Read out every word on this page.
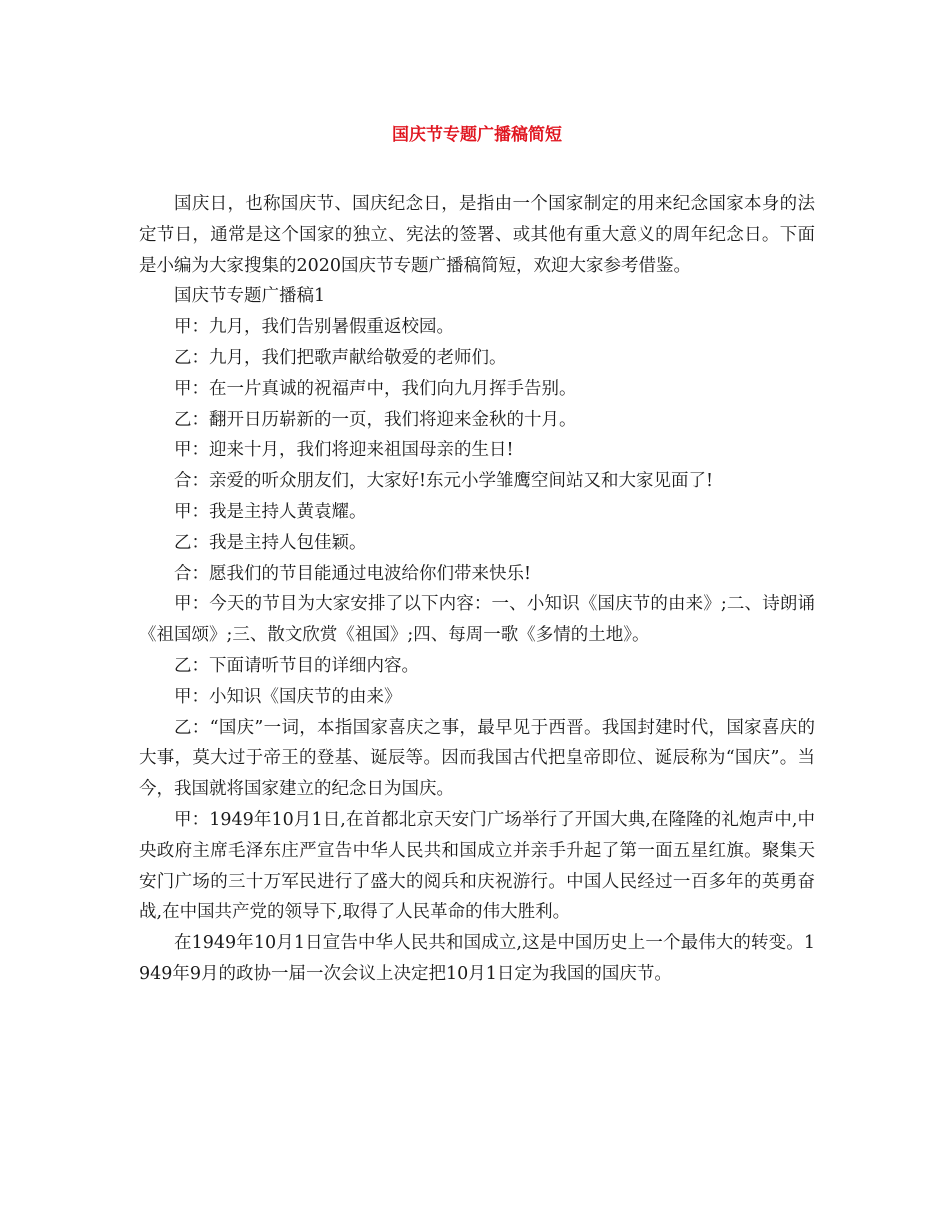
国庆节专题广播稿简短

国庆日，也称国庆节、国庆纪念日，是指由一个国家制定的用来纪念国家本身的法定节日，通常是这个国家的独立、宪法的签署、或其他有重大意义的周年纪念日。下面是小编为大家搜集的2020国庆节专题广播稿简短，欢迎大家参考借鉴。

国庆节专题广播稿1

甲：九月，我们告别暑假重返校园。

乙：九月，我们把歌声献给敬爱的老师们。

甲：在一片真诚的祝福声中，我们向九月挥手告别。

乙：翻开日历崭新的一页，我们将迎来金秋的十月。

甲：迎来十月，我们将迎来祖国母亲的生日!

合：亲爱的听众朋友们，大家好!东元小学雏鹰空间站又和大家见面了!

甲：我是主持人黄袁耀。

乙：我是主持人包佳颖。

合：愿我们的节目能通过电波给你们带来快乐!

甲：今天的节目为大家安排了以下内容：一、小知识《国庆节的由来》;二、诗朗诵《祖国颂》;三、散文欣赏《祖国》;四、每周一歌《多情的土地》。

乙：下面请听节目的详细内容。

甲：小知识《国庆节的由来》

乙：“国庆”一词，本指国家喜庆之事，最早见于西晋。我国封建时代，国家喜庆的大事，莫大过于帝王的登基、诞辰等。因而我国古代把皇帝即位、诞辰称为“国庆”。当今，我国就将国家建立的纪念日为国庆。

甲：1949年10月1日,在首都北京天安门广场举行了开国大典,在隆隆的礼炮声中,中央政府主席毛泽东庄严宣告中华人民共和国成立并亲手升起了第一面五星红旗。聚集天安门广场的三十万军民进行了盛大的阅兵和庆祝游行。中国人民经过一百多年的英勇奋战,在中国共产党的领导下,取得了人民革命的伟大胜利。

在1949年10月1日宣告中华人民共和国成立,这是中国历史上一个最伟大的转变。1949年9月的政协一届一次会议上决定把10月1日定为我国的国庆节。
